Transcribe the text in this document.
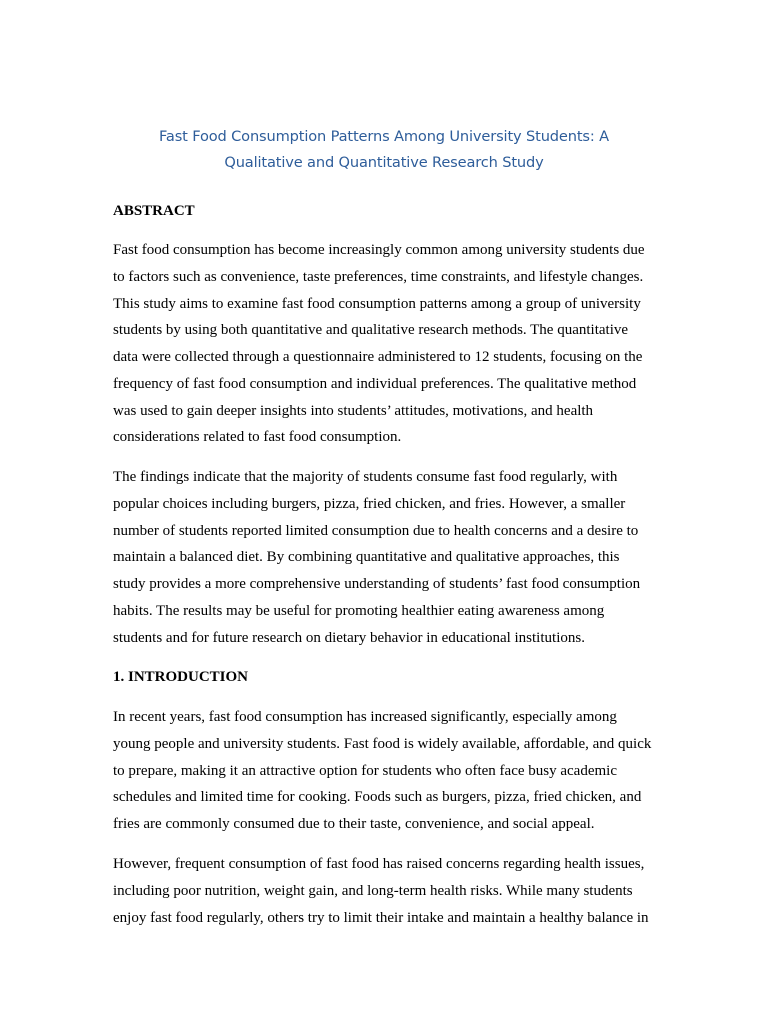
Fast Food Consumption Patterns Among University Students: A
Qualitative and Quantitative Research Study
ABSTRACT

Fast food consumption has become increasingly common among university students due
to factors such as convenience, taste preferences, time constraints, and lifestyle changes.
This study aims to examine fast food consumption patterns among a group of university
students by using both quantitative and qualitative research methods. The quantitative
data were collected through a questionnaire administered to 12 students, focusing on the
frequency of fast food consumption and individual preferences. The qualitative method
was used to gain deeper insights into students’ attitudes, motivations, and health
considerations related to fast food consumption.

The findings indicate that the majority of students consume fast food regularly, with
popular choices including burgers, pizza, fried chicken, and fries. However, a smaller
number of students reported limited consumption due to health concerns and a desire to
maintain a balanced diet. By combining quantitative and qualitative approaches, this
study provides a more comprehensive understanding of students’ fast food consumption
habits. The results may be useful for promoting healthier eating awareness among
students and for future research on dietary behavior in educational institutions.

1. INTRODUCTION

In recent years, fast food consumption has increased significantly, especially among
young people and university students. Fast food is widely available, affordable, and quick
to prepare, making it an attractive option for students who often face busy academic
schedules and limited time for cooking. Foods such as burgers, pizza, fried chicken, and
fries are commonly consumed due to their taste, convenience, and social appeal.

However, frequent consumption of fast food has raised concerns regarding health issues,
including poor nutrition, weight gain, and long-term health risks. While many students
enjoy fast food regularly, others try to limit their intake and maintain a healthy balance in
